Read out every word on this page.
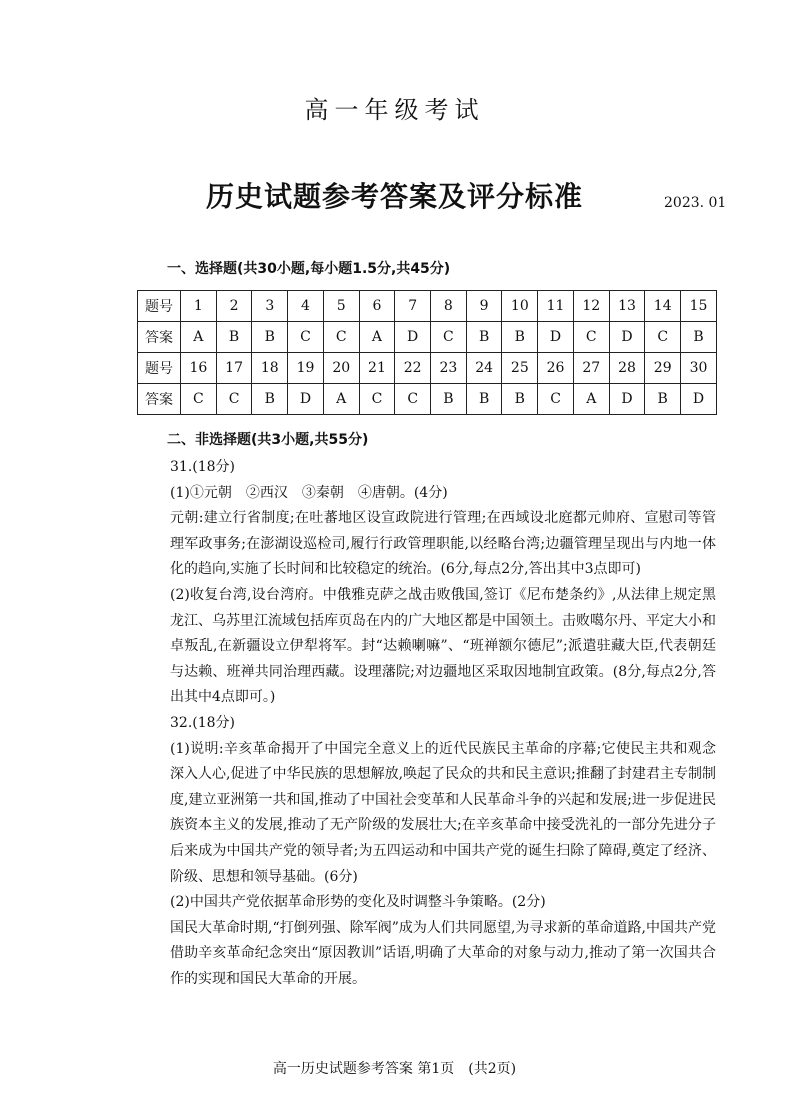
高一年级考试
历史试题参考答案及评分标准	2023. 01
一、选择题(共30小题,每小题1.5分,共45分)
题号	1	2	3	4	5	6	7	8	9	10	11	12	13	14	15
答案	A	B	B	C	C	A	D	C	B	B	D	C	D	C	B
题号	16	17	18	19	20	21	22	23	24	25	26	27	28	29	30
答案	C	C	B	D	A	C	C	B	B	B	C	A	D	B	D
二、非选择题(共3小题,共55分)
31.(18分)
(1)①元朝　②西汉　③秦朝　④唐朝。(4分)
元朝:建立行省制度;在吐蕃地区设宣政院进行管理;在西域设北庭都元帅府、宣慰司等管理军政事务;在澎湖设巡检司,履行行政管理职能,以经略台湾;边疆管理呈现出与内地一体化的趋向,实施了长时间和比较稳定的统治。(6分,每点2分,答出其中3点即可)
(2)收复台湾,设台湾府。中俄雅克萨之战击败俄国,签订《尼布楚条约》,从法律上规定黑龙江、乌苏里江流域包括库页岛在内的广大地区都是中国领土。击败噶尔丹、平定大小和卓叛乱,在新疆设立伊犁将军。封“达赖喇嘛”、“班禅额尔德尼”;派遣驻藏大臣,代表朝廷与达赖、班禅共同治理西藏。设理藩院;对边疆地区采取因地制宜政策。(8分,每点2分,答出其中4点即可。)
32.(18分)
(1)说明:辛亥革命揭开了中国完全意义上的近代民族民主革命的序幕;它使民主共和观念深入人心,促进了中华民族的思想解放,唤起了民众的共和民主意识;推翻了封建君主专制制度,建立亚洲第一共和国,推动了中国社会变革和人民革命斗争的兴起和发展;进一步促进民族资本主义的发展,推动了无产阶级的发展壮大;在辛亥革命中接受洗礼的一部分先进分子后来成为中国共产党的领导者;为五四运动和中国共产党的诞生扫除了障碍,奠定了经济、阶级、思想和领导基础。(6分)
(2)中国共产党依据革命形势的变化及时调整斗争策略。(2分)
国民大革命时期,“打倒列强、除军阀”成为人们共同愿望,为寻求新的革命道路,中国共产党借助辛亥革命纪念突出“原因教训”话语,明确了大革命的对象与动力,推动了第一次国共合作的实现和国民大革命的开展。
高一历史试题参考答案 第1页　(共2页)
